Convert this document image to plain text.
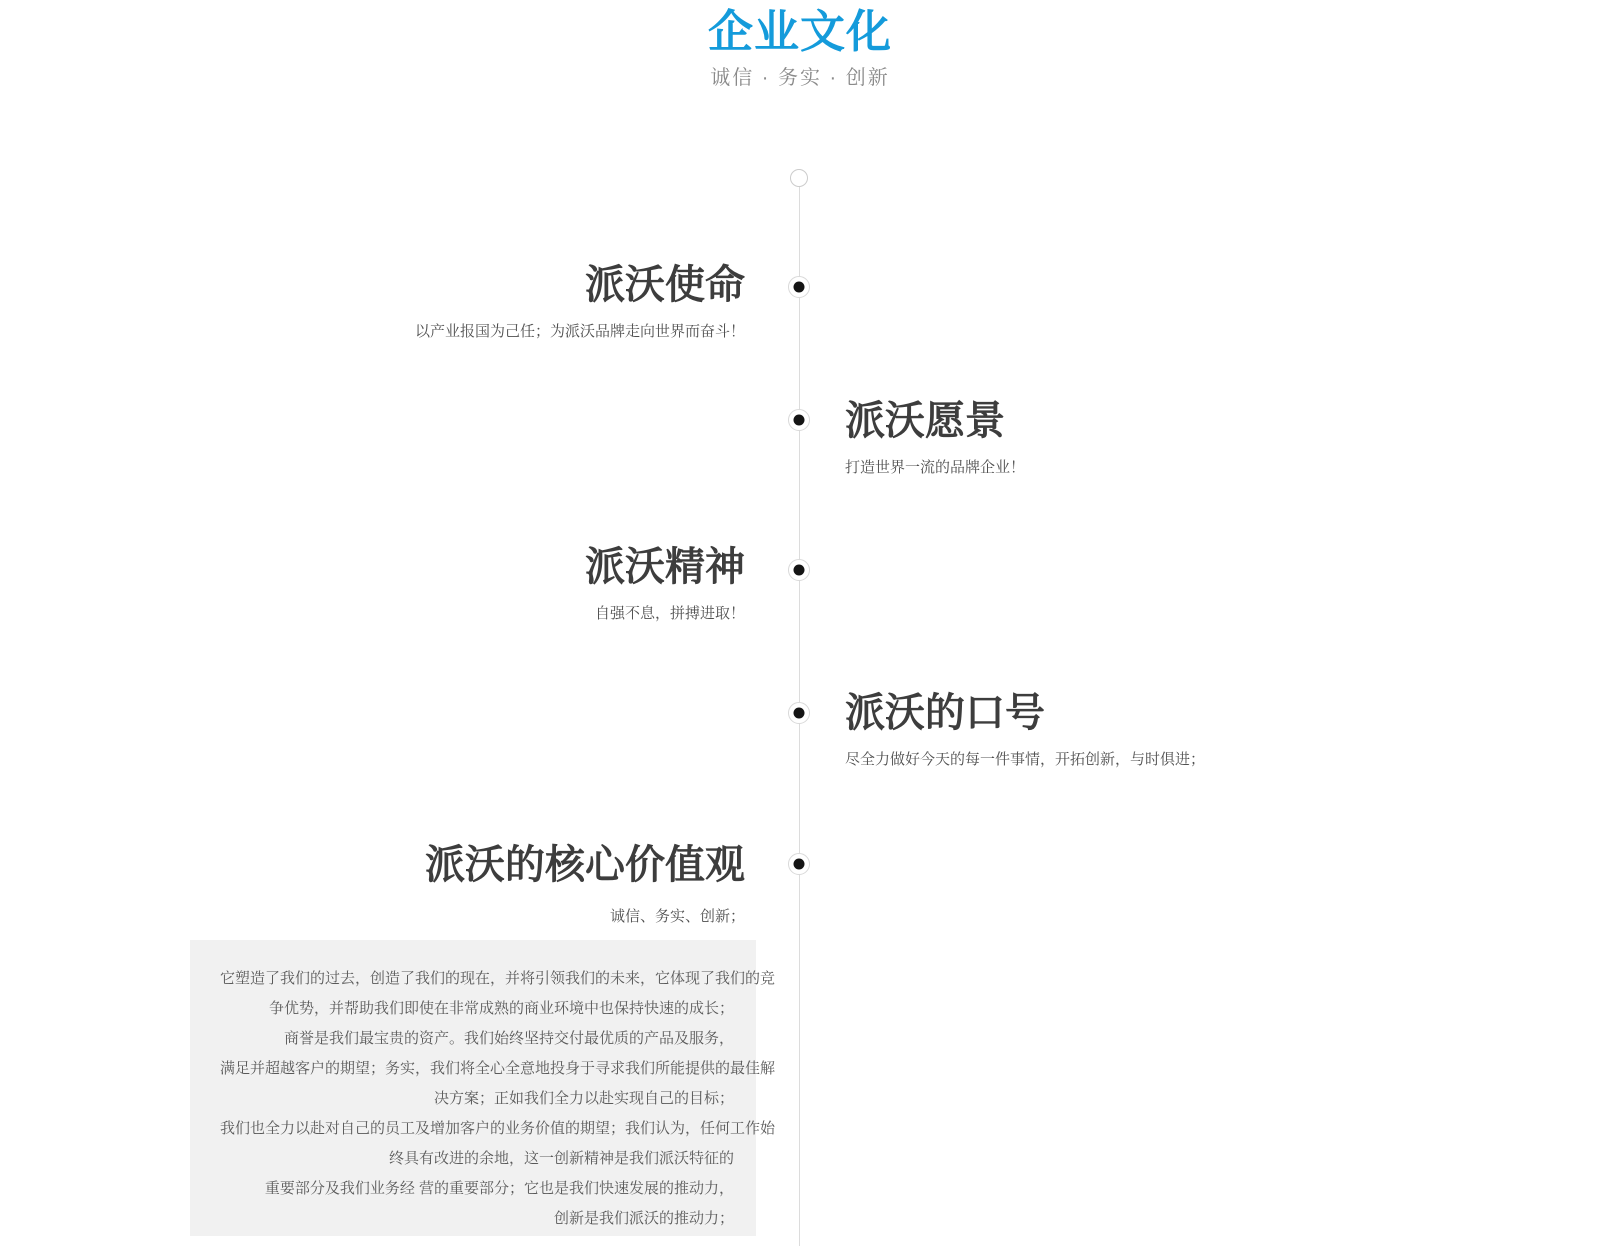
企业文化
诚信 · 务实 · 创新
派沃使命
以产业报国为己任；为派沃品牌走向世界而奋斗！
派沃愿景
打造世界一流的品牌企业！
派沃精神
自强不息，拼搏进取！
派沃的口号
尽全力做好今天的每一件事情，开拓创新，与时俱进；
派沃的核心价值观
诚信、务实、创新；
它塑造了我们的过去，创造了我们的现在，并将引领我们的未来，它体现了我们的竞
争优势，并帮助我们即使在非常成熟的商业环境中也保持快速的成长；
商誉是我们最宝贵的资产。我们始终坚持交付最优质的产品及服务，
满足并超越客户的期望；务实，我们将全心全意地投身于寻求我们所能提供的最佳解
决方案；正如我们全力以赴实现自己的目标；
我们也全力以赴对自己的员工及增加客户的业务价值的期望；我们认为，任何工作始
终具有改进的余地，这一创新精神是我们派沃特征的
重要部分及我们业务经 营的重要部分；它也是我们快速发展的推动力，
创新是我们派沃的推动力；
